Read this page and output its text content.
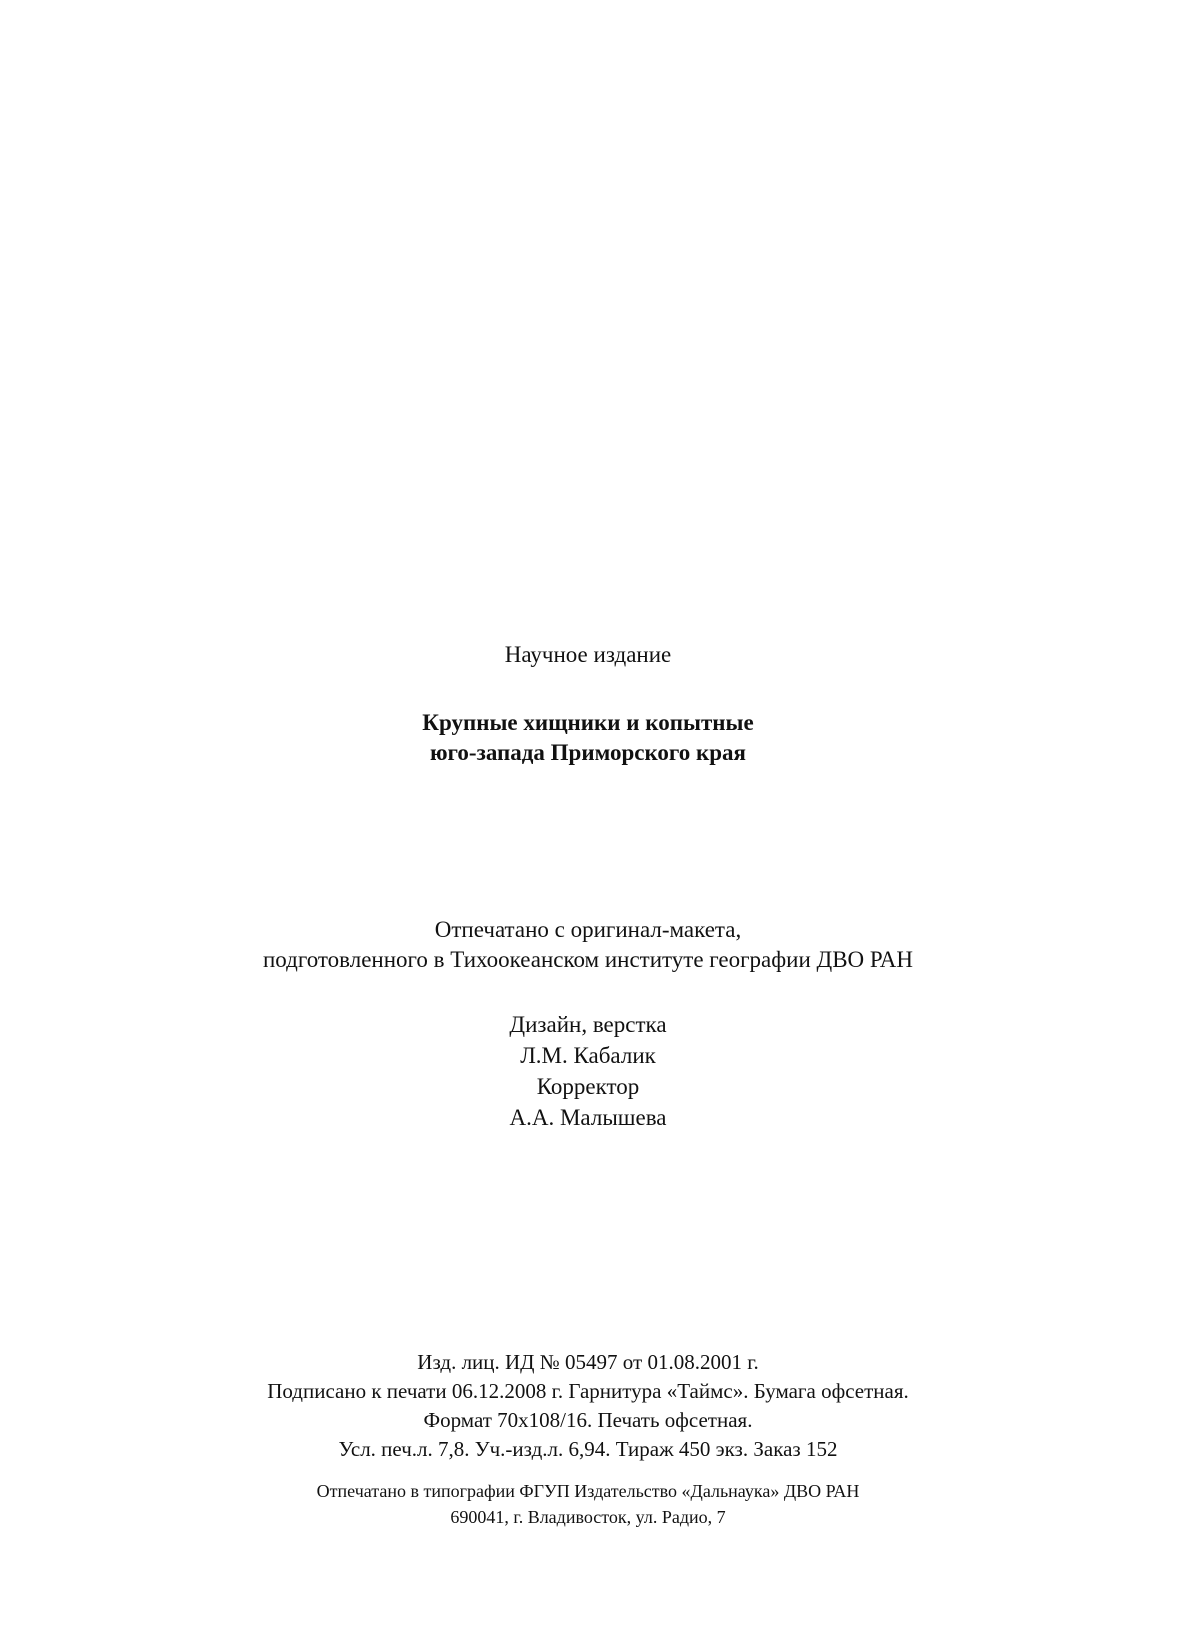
Научное издание
Крупные хищники и копытные
юго-запада Приморского края
Отпечатано с оригинал-макета,
подготовленного в Тихоокеанском институте географии ДВО РАН
Дизайн, верстка
Л.М. Кабалик
Корректор
А.А. Малышева
Изд. лиц. ИД № 05497 от 01.08.2001 г.
Подписано к печати 06.12.2008 г. Гарнитура «Таймс». Бумага офсетная.
Формат 70x108/16. Печать офсетная.
Усл. печ.л. 7,8. Уч.-изд.л. 6,94. Тираж 450 экз. Заказ 152
Отпечатано в типографии ФГУП Издательство «Дальнаука» ДВО РАН
690041, г. Владивосток, ул. Радио, 7
